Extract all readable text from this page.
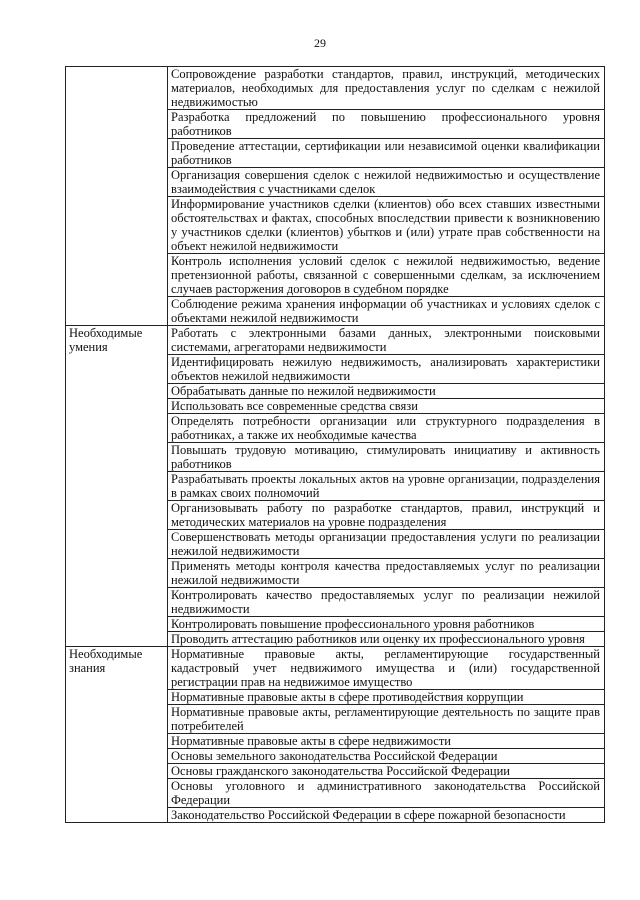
29
	Сопровождение разработки стандартов, правил, инструкций, методических материалов, необходимых для предоставления услуг по сделкам с нежилой недвижимостью
	Разработка предложений по повышению профессионального уровня работников
	Проведение аттестации, сертификации или независимой оценки квалификации работников
	Организация совершения сделок с нежилой недвижимостью и осуществление взаимодействия с участниками сделок
	Информирование участников сделки (клиентов) обо всех ставших известными обстоятельствах и фактах, способных впоследствии привести к возникновению у участников сделки (клиентов) убытков и (или) утрате прав собственности на объект нежилой недвижимости
	Контроль исполнения условий сделок с нежилой недвижимостью, ведение претензионной работы, связанной с совершенными сделкам, за исключением случаев расторжения договоров в судебном порядке
	Соблюдение режима хранения информации об участниках и условиях сделок с объектами нежилой недвижимости
Необходимые умения	Работать с электронными базами данных, электронными поисковыми системами, агрегаторами недвижимости
	Идентифицировать нежилую недвижимость, анализировать характеристики объектов нежилой недвижимости
	Обрабатывать данные по нежилой недвижимости
	Использовать все современные средства связи
	Определять потребности организации или структурного подразделения в работниках, а также их необходимые качества
	Повышать трудовую мотивацию, стимулировать инициативу и активность работников
	Разрабатывать проекты локальных актов на уровне организации, подразделения в рамках своих полномочий
	Организовывать работу по разработке стандартов, правил, инструкций и методических материалов на уровне подразделения
	Совершенствовать методы организации предоставления услуги по реализации нежилой недвижимости
	Применять методы контроля качества предоставляемых услуг по реализации нежилой недвижимости
	Контролировать качество предоставляемых услуг по реализации нежилой недвижимости
	Контролировать повышение профессионального уровня работников
	Проводить аттестацию работников или оценку их профессионального уровня
Необходимые знания	Нормативные правовые акты, регламентирующие государственный кадастровый учет недвижимого имущества и (или) государственной регистрации прав на недвижимое имущество
	Нормативные правовые акты в сфере противодействия коррупции
	Нормативные правовые акты, регламентирующие деятельность по защите прав потребителей
	Нормативные правовые акты в сфере недвижимости
	Основы земельного законодательства Российской Федерации
	Основы гражданского законодательства Российской Федерации
	Основы уголовного и административного законодательства Российской Федерации
	Законодательство Российской Федерации в сфере пожарной безопасности
